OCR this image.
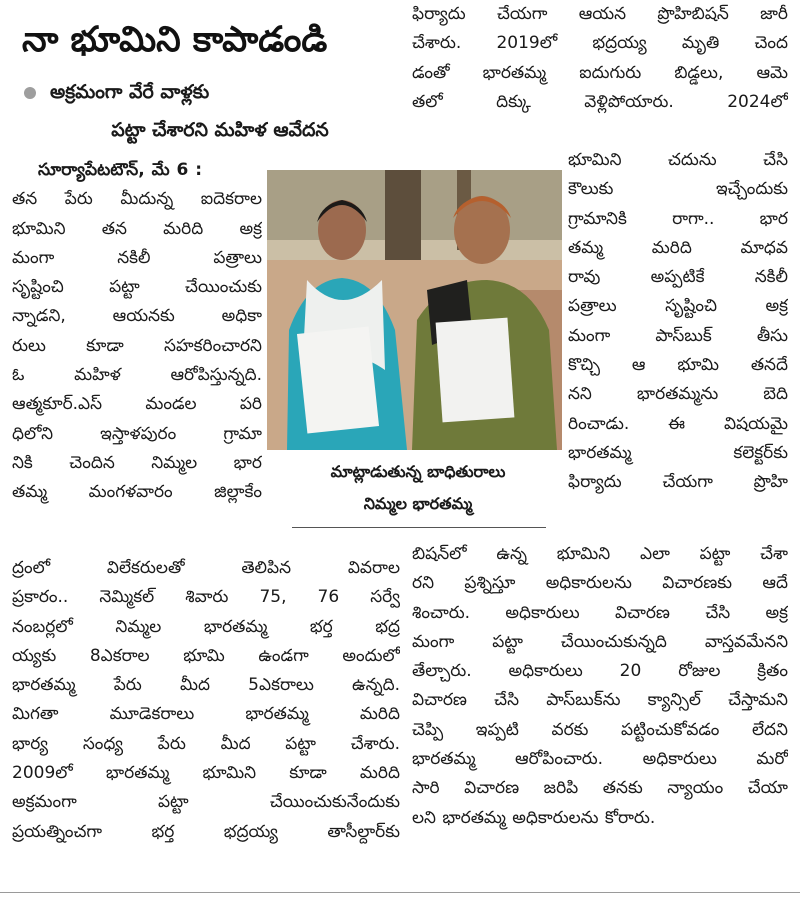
నా భూమిని కాపాడండి
అక్రమంగా వేరే వాళ్లకు
పట్టా చేశారని మహిళ ఆవేదన
సూర్యాపేటటౌన్, మే 6 :
తన పేరు మీదున్న ఐదెకరాల
భూమిని తన మరిది అక్ర
మంగా నకిలీ పత్రాలు
సృష్టించి పట్టా చేయించుకు
న్నాడని, ఆయనకు అధికా
రులు కూడా సహకరించారని
ఓ మహిళ ఆరోపిస్తున్నది.
ఆత్మకూర్.ఎస్ మండల పరి
ధిలోని ఇస్తాళపురం గ్రామా
నికి చెందిన నిమ్మల భార
తమ్మ మంగళవారం జిల్లాకేం
ద్రంలో విలేకరులతో తెలిపిన వివరాల
ప్రకారం.. నెమ్మికల్ శివారు 75, 76 సర్వే
నంబర్లలో నిమ్మల భారతమ్మ భర్త భద్ర
య్యకు 8ఎకరాల భూమి ఉండగా అందులో
భారతమ్మ పేరు మీద 5ఎకరాలు ఉన్నది.
మిగతా మూడెకరాలు భారతమ్మ మరిది
భార్య సంధ్య పేరు మీద పట్టా చేశారు.
2009లో భారతమ్మ భూమిని కూడా మరిది
అక్రమంగా పట్టా చేయించుకునేందుకు
ప్రయత్నించగా భర్త భద్రయ్య తాసీల్దార్‌కు
ఫిర్యాదు చేయగా ఆయన ప్రొహిబిషన్ జారీ
చేశారు. 2019లో భద్రయ్య మృతి చెంద
డంతో భారతమ్మ ఐదుగురు బిడ్డలు, ఆమె
తలో దిక్కు వెళ్లిపోయారు. 2024లో
భూమిని చదును చేసి
కౌలుకు ఇచ్చేందుకు
గ్రామానికి రాగా.. భార
తమ్మ మరిది మాధవ
రావు అప్పటికే నకిలీ
పత్రాలు సృష్టించి అక్ర
మంగా పాస్‌బుక్ తీసు
కొచ్చి ఆ భూమి తనదే
నని భారతమ్మను బెది
రించాడు. ఈ విషయమై
భారతమ్మ కలెక్టర్‌కు
ఫిర్యాదు చేయగా ప్రొహి
బిషన్‌లో ఉన్న భూమిని ఎలా పట్టా చేశా
రని ప్రశ్నిస్తూ అధికారులను విచారణకు ఆదే
శించారు. అధికారులు విచారణ చేసి అక్ర
మంగా పట్టా చేయించుకున్నది వాస్తవమేనని
తేల్చారు. అధికారులు 20 రోజుల క్రితం
విచారణ చేసి పాస్‌బుక్‌ను క్యాన్సిల్ చేస్తామని
చెప్పి ఇప్పటి వరకు పట్టించుకోవడం లేదని
భారతమ్మ ఆరోపించారు. అధికారులు మరో
సారి విచారణ జరిపి తనకు న్యాయం చేయా
లని భారతమ్మ అధికారులను కోరారు.
మాట్లాడుతున్న బాధితురాలు
నిమ్మల భారతమ్మ
